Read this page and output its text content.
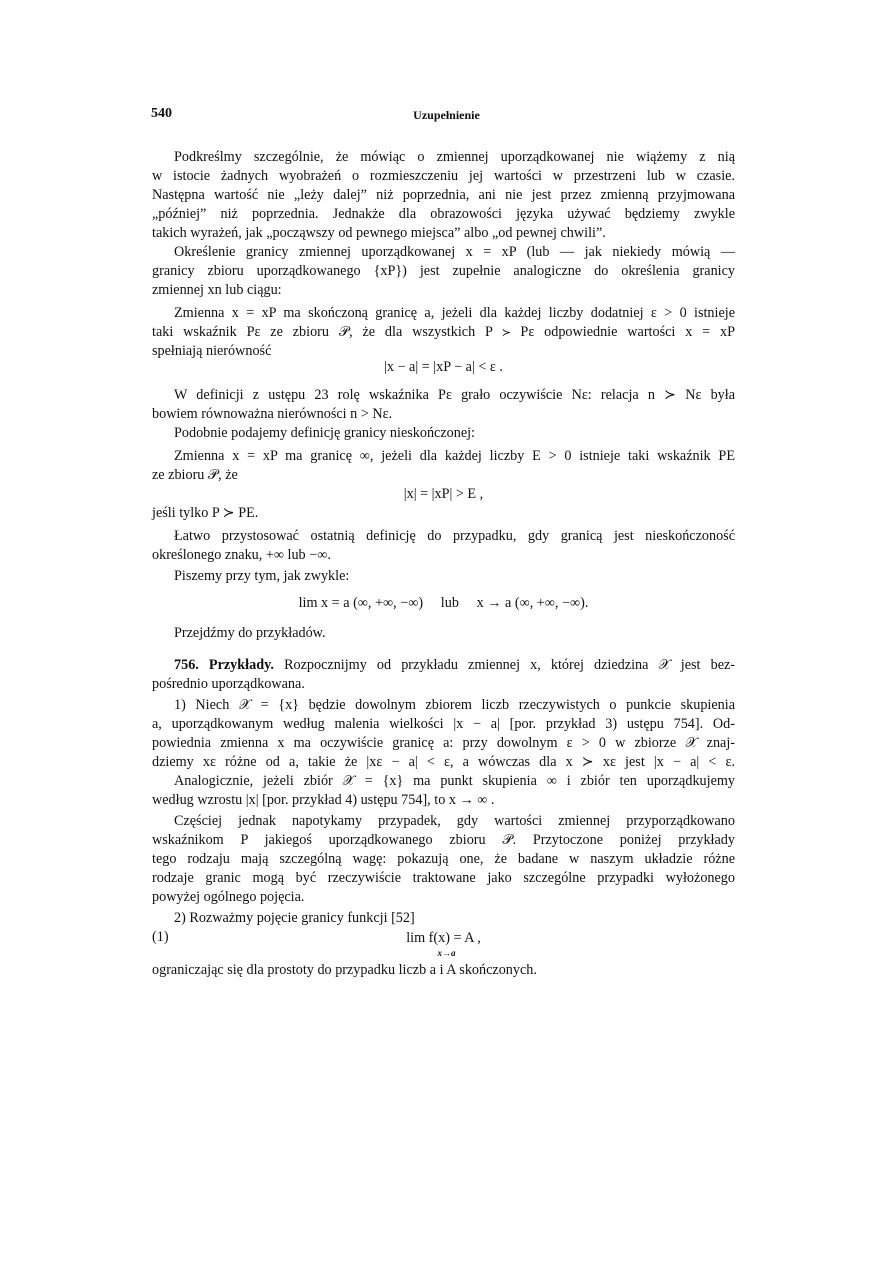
540	Uzupełnienie
Podkreślmy szczególnie, że mówiąc o zmiennej uporządkowanej nie wiążemy z nią
w istocie żadnych wyobrażeń o rozmieszczeniu jej wartości w przestrzeni lub w czasie.
Następna wartość nie „leży dalej” niż poprzednia, ani nie jest przez zmienną przyjmowana
„później” niż poprzednia. Jednakże dla obrazowości języka używać będziemy zwykle
takich wyrażeń, jak „począwszy od pewnego miejsca” albo „od pewnej chwili”.
Określenie granicy zmiennej uporządkowanej x = xP (lub — jak niekiedy mówią —
granicy zbioru uporządkowanego {xP}) jest zupełnie analogiczne do określenia granicy
zmiennej xn lub ciągu:
Zmienna x = xP ma skończoną granicę a, jeżeli dla każdej liczby dodatniej ε > 0 istnieje
taki wskaźnik Pε ze zbioru 𝒫, że dla wszystkich P ≻ Pε odpowiednie wartości x = xP
spełniają nierówność
|x − a| = |xP − a| < ε .
W definicji z ustępu 23 rolę wskaźnika Pε grało oczywiście Nε: relacja n ≻ Nε była
bowiem równoważna nierówności n > Nε.
Podobnie podajemy definicję granicy nieskończonej:
Zmienna x = xP ma granicę ∞, jeżeli dla każdej liczby E > 0 istnieje taki wskaźnik PE
ze zbioru 𝒫, że
|x| = |xP| > E ,
jeśli tylko P ≻ PE.
Łatwo przystosować ostatnią definicję do przypadku, gdy granicą jest nieskończoność
określonego znaku, +∞ lub −∞.
Piszemy przy tym, jak zwykle:
lim x = a (∞, +∞, −∞)     lub     x → a (∞, +∞, −∞).
Przejdźmy do przykładów.
756. Przykłady. Rozpocznijmy od przykładu zmiennej x, której dziedzina 𝒳 jest bez-
pośrednio uporządkowana.
1) Niech 𝒳 = {x} będzie dowolnym zbiorem liczb rzeczywistych o punkcie skupienia
a, uporządkowanym według malenia wielkości |x − a| [por. przykład 3) ustępu 754]. Od-
powiednia zmienna x ma oczywiście granicę a: przy dowolnym ε > 0 w zbiorze 𝒳 znaj-
dziemy xε różne od a, takie że |xε − a| < ε, a wówczas dla x ≻ xε jest |x − a| < ε.
Analogicznie, jeżeli zbiór 𝒳 = {x} ma punkt skupienia ∞ i zbiór ten uporządkujemy
według wzrostu |x| [por. przykład 4) ustępu 754], to x → ∞ .
Częściej jednak napotykamy przypadek, gdy wartości zmiennej przyporządkowano
wskaźnikom P jakiegoś uporządkowanego zbioru 𝒫. Przytoczone poniżej przykłady
tego rodzaju mają szczególną wagę: pokazują one, że badane w naszym układzie różne
rodzaje granic mogą być rzeczywiście traktowane jako szczególne przypadki wyłożonego
powyżej ogólnego pojęcia.
2) Rozważmy pojęcie granicy funkcji [52]
lim f(x) = A ,
ograniczając się dla prostoty do przypadku liczb a i A skończonych.
(1)
x→a
